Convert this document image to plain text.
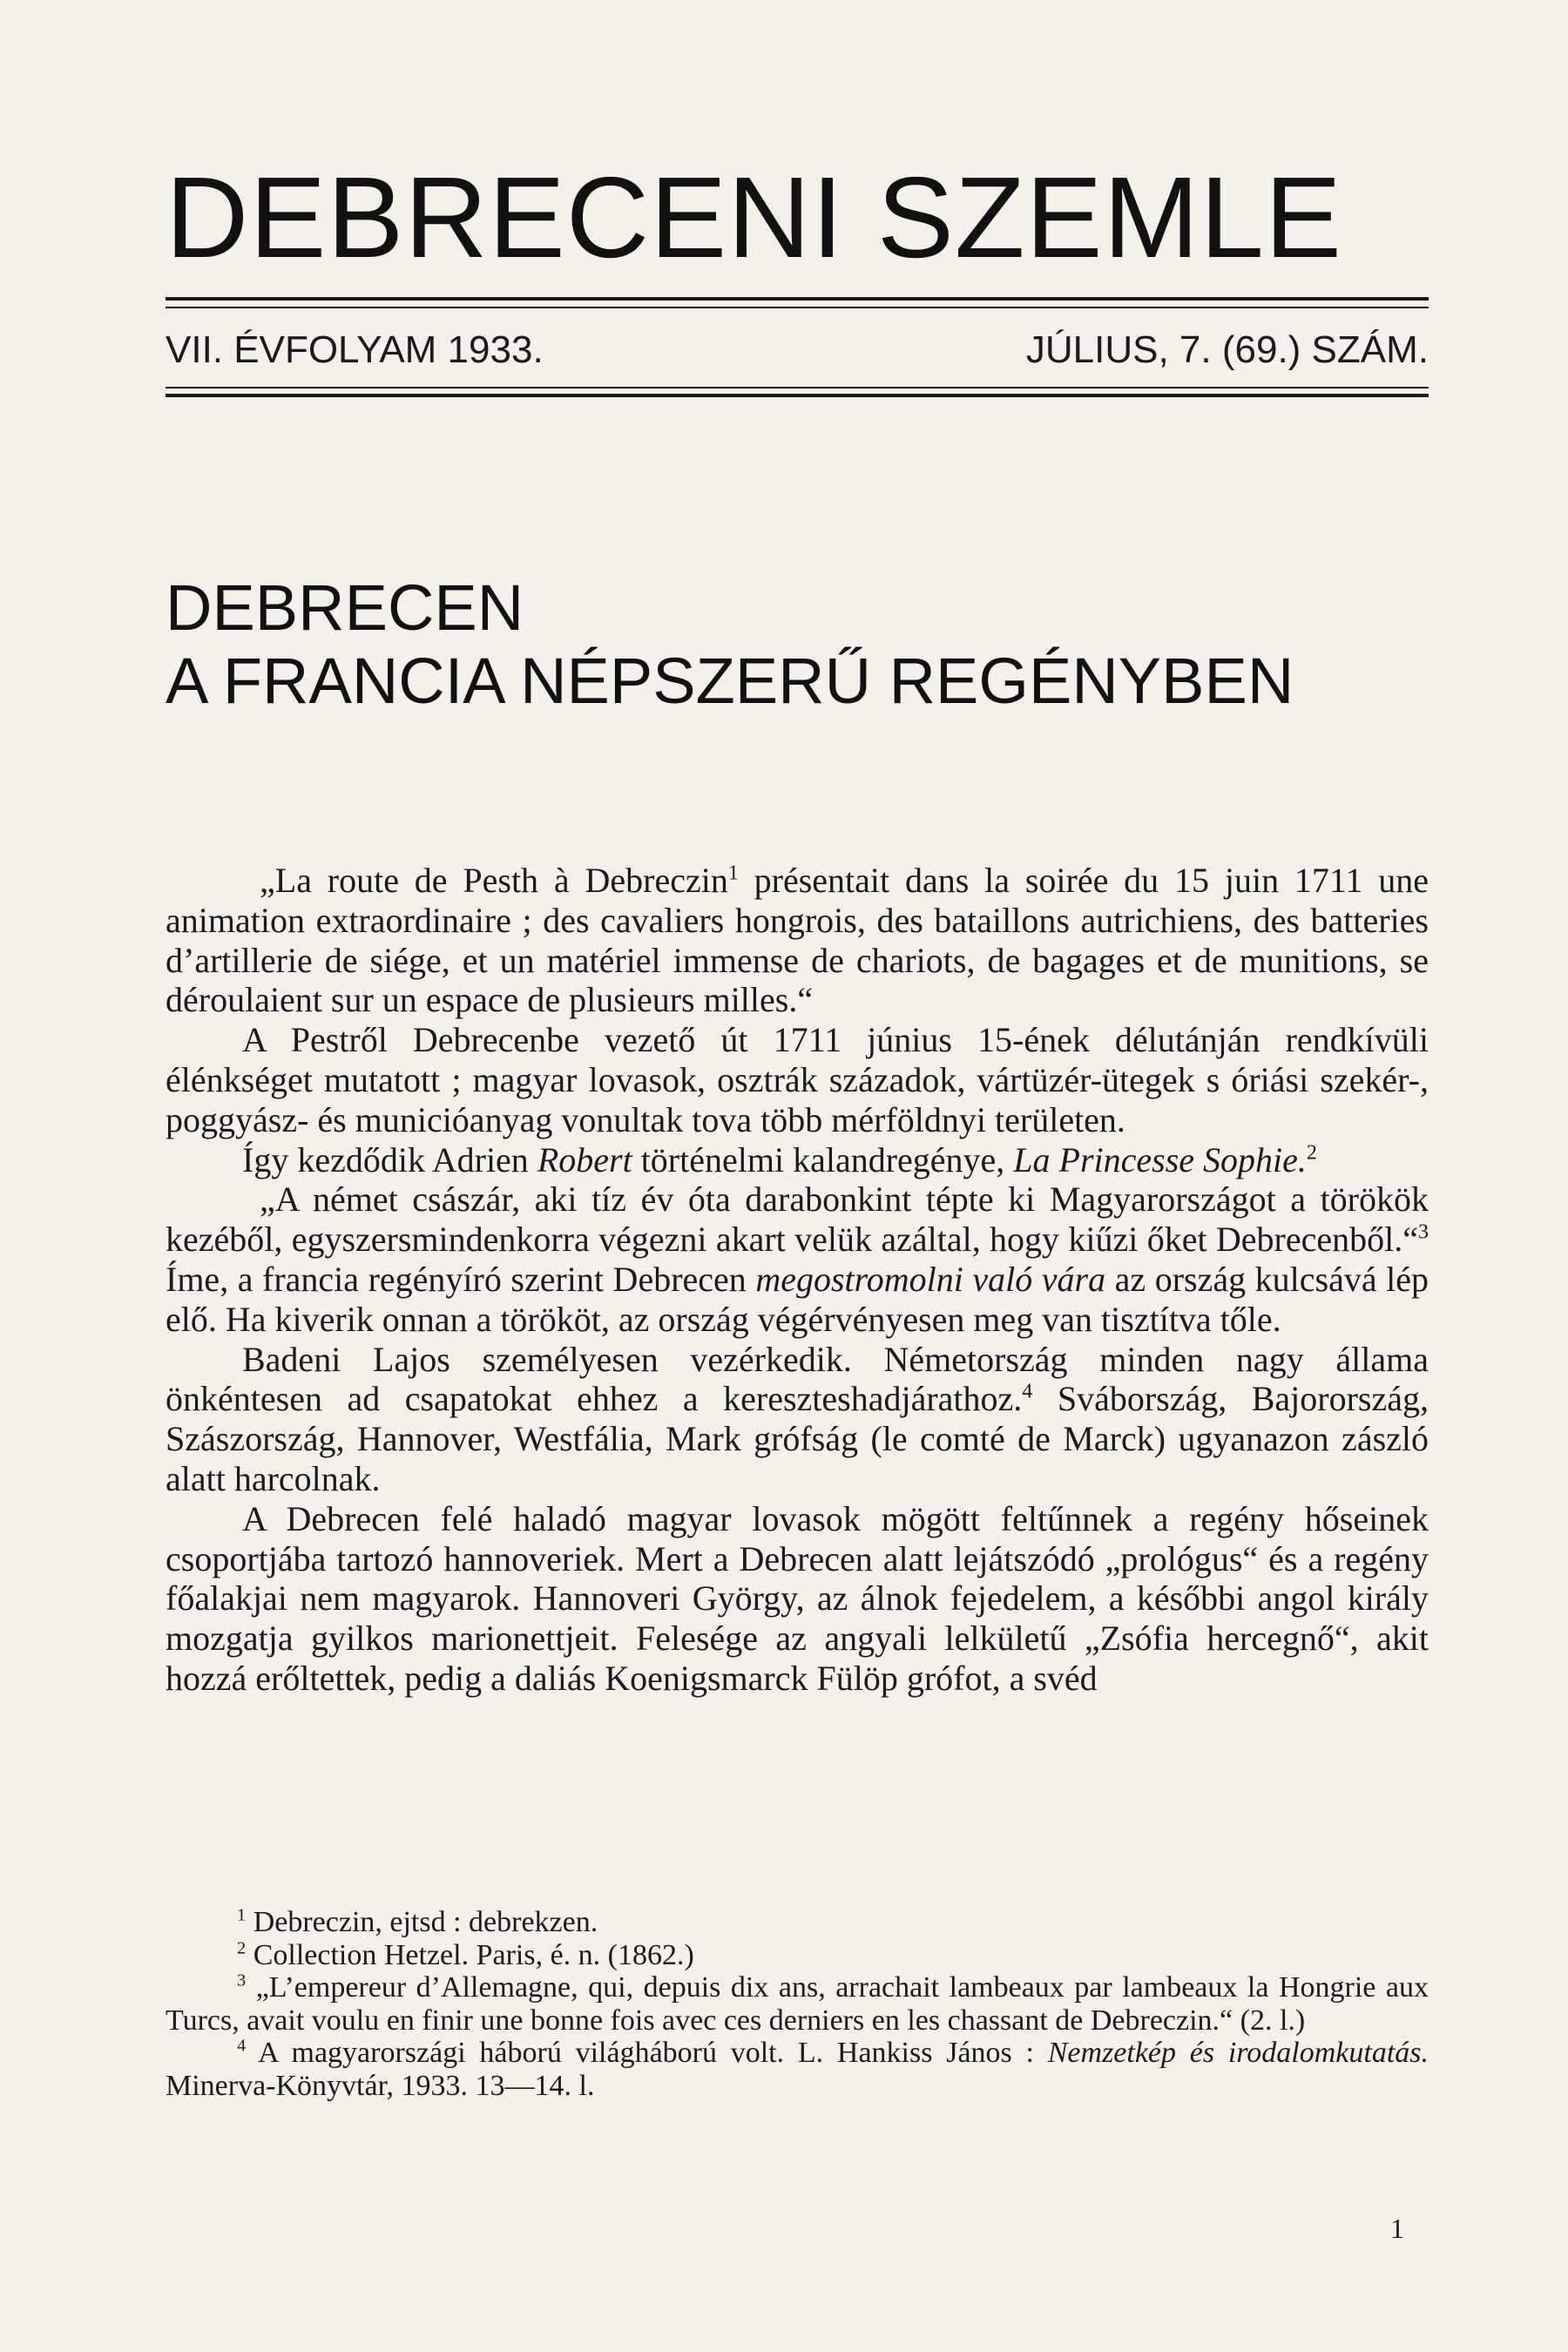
DEBRECENI SZEMLE
VII. ÉVFOLYAM 1933.	JÚLIUS, 7. (69.) SZÁM.
DEBRECEN
A FRANCIA NÉPSZERŰ REGÉNYBEN

„La route de Pesth à Debreczin$^1$ présentait dans la soirée du 15 juin 1711 une animation extraordinaire ; des cavaliers hongrois, des bataillons autrichiens, des batteries d’artillerie de siége, et un matériel immense de chariots, de bagages et de munitions, se déroulaient sur un espace de plusieurs milles.“

A Pestről Debrecenbe vezető út 1711 június 15-ének délutánján rendkívüli élénkséget mutatott ; magyar lovasok, osztrák századok, vártüzér-ütegek s óriási szekér-, poggyász- és municióanyag vonultak tova több mérföldnyi területen.

Így kezdődik Adrien Robert történelmi kalandregénye, La Princesse Sophie.$^2$

„A német császár, aki tíz év óta darabonkint tépte ki Magyarországot a törökök kezéből, egyszersmindenkorra végezni akart velük azáltal, hogy kiűzi őket Debrecenből.“$^3$ Íme, a francia regényíró szerint Debrecen megostromolni való vára az ország kulcsává lép elő. Ha kiverik onnan a törököt, az ország végérvényesen meg van tisztítva tőle.

Badeni Lajos személyesen vezérkedik. Németország minden nagy állama önkéntesen ad csapatokat ehhez a kereszteshadjárathoz.$^4$ Svábország, Bajorország, Szászország, Hannover, Westfália, Mark grófság (le comté de Marck) ugyanazon zászló alatt harcolnak.

A Debrecen felé haladó magyar lovasok mögött feltűnnek a regény hőseinek csoportjába tartozó hannoveriek. Mert a Debrecen alatt lejátszódó „prológus“ és a regény főalakjai nem magyarok. Hannoveri György, az álnok fejedelem, a későbbi angol király mozgatja gyilkos marionettjeit. Felesége az angyali lelkületű „Zsófia hercegnő“, akit hozzá erőltettek, pedig a daliás Koenigsmarck Fülöp grófot, a svéd

$^1$ Debreczin, ejtsd : debrekzen.

$^2$ Collection Hetzel. Paris, é. n. (1862.)

$^3$ „L’empereur d’Allemagne, qui, depuis dix ans, arrachait lambeaux par lambeaux la Hongrie aux Turcs, avait voulu en finir une bonne fois avec ces derniers en les chassant de Debreczin.“ (2. l.)

$^4$ A magyarországi háború világháború volt. L. Hankiss János : Nemzetkép és irodalomkutatás. Minerva-Könyvtár, 1933. 13—14. l.

1
